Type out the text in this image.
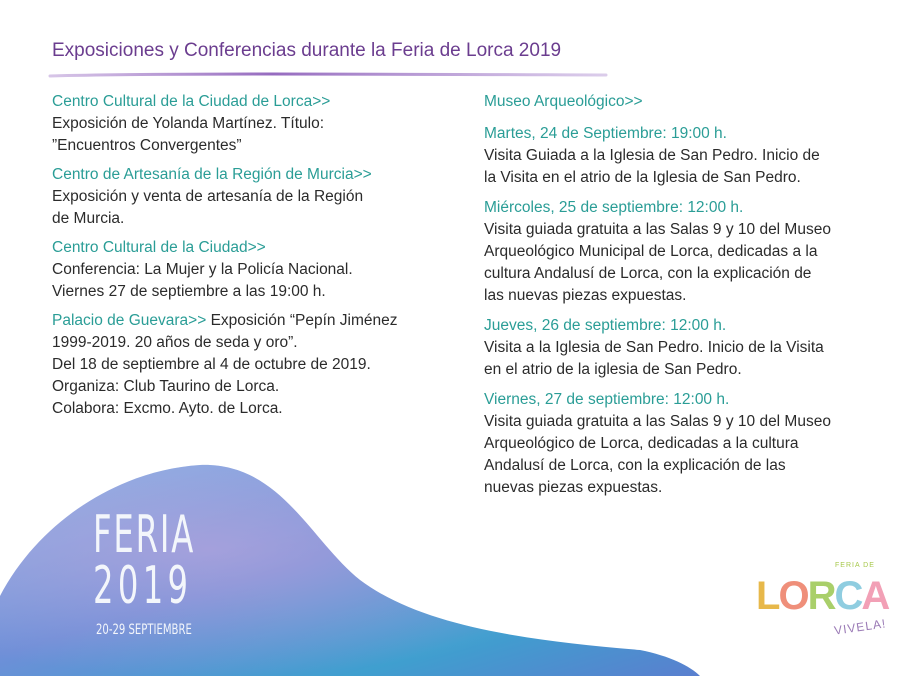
Exposiciones y Conferencias durante la Feria de Lorca 2019
Centro Cultural de la Ciudad de Lorca>>
Exposición de Yolanda Martínez. Título:
”Encuentros Convergentes”
Centro de Artesanía de la Región de Murcia>>
Exposición y venta de artesanía de la Región
de Murcia.
Centro Cultural de la Ciudad>>
Conferencia: La Mujer y la Policía Nacional.
Viernes 27 de septiembre a las 19:00 h.
Palacio de Guevara>> Exposición “Pepín Jiménez
1999-2019. 20 años de seda y oro”.
Del 18 de septiembre al 4 de octubre de 2019.
Organiza: Club Taurino de Lorca.
Colabora: Excmo. Ayto. de Lorca.
Museo Arqueológico>>
Martes, 24 de Septiembre: 19:00 h.
Visita Guiada a la Iglesia de San Pedro. Inicio de
la Visita en el atrio de la Iglesia de San Pedro.
Miércoles, 25 de septiembre: 12:00 h.
Visita guiada gratuita a las Salas 9 y 10 del Museo
Arqueológico Municipal de Lorca, dedicadas a la
cultura Andalusí de Lorca, con la explicación de
las nuevas piezas expuestas.
Jueves, 26 de septiembre: 12:00 h.
Visita a la Iglesia de San Pedro. Inicio de la Visita
en el atrio de la iglesia de San Pedro.
Viernes, 27 de septiembre: 12:00 h.
Visita guiada gratuita a las Salas 9 y 10 del Museo
Arqueológico de Lorca, dedicadas a la cultura
Andalusí de Lorca, con la explicación de las
nuevas piezas expuestas.
FERIA
2019
20-29 SEPTIEMBRE
FERIA DE
LORCA
VIVELA!
